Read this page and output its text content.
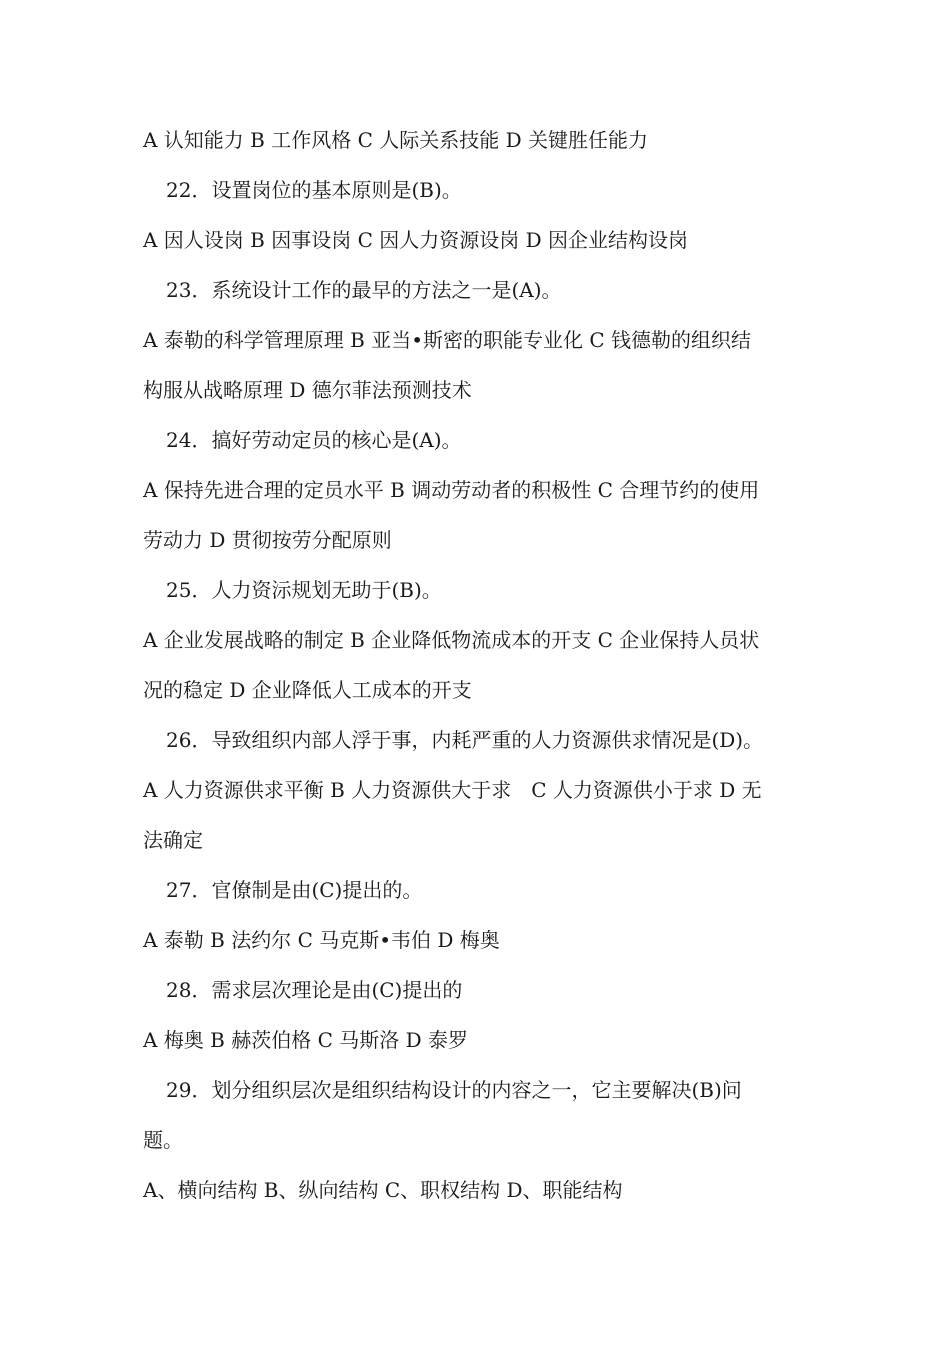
A 认知能力 B 工作风格 C 人际关系技能 D 关键胜任能力
22．设置岗位的基本原则是(B)。
A 因人设岗 B 因事设岗 C 因人力资源设岗 D 因企业结构设岗
23．系统设计工作的最早的方法之一是(A)。
A 泰勒的科学管理原理 B 亚当•斯密的职能专业化 C 钱德勒的组织结
构服从战略原理 D 德尔菲法预测技术
24．搞好劳动定员的核心是(A)。
A 保持先进合理的定员水平 B 调动劳动者的积极性 C 合理节约的使用
劳动力 D 贯彻按劳分配原则
25．人力资沶规划无助于(B)。
A 企业发展战略的制定 B 企业降低物流成本的开支 C 企业保持人员状
况的稳定 D 企业降低人工成本的开支
26．导致组织内部人浮于事，内耗严重的人力资源供求情况是(D)。
A 人力资源供求平衡 B 人力资源供大于求　C 人力资源供小于求 D 无
法确定
27．官僚制是由(C)提出的。
A 泰勒 B 法约尔 C 马克斯•韦伯 D 梅奥
28．需求层次理论是由(C)提出的
A 梅奥 B 赫茨伯格 C 马斯洛 D 泰罗
29．划分组织层次是组织结构设计的内容之一，它主要解决(B)问
题。
A、横向结构 B、纵向结构 C、职权结构 D、职能结构
